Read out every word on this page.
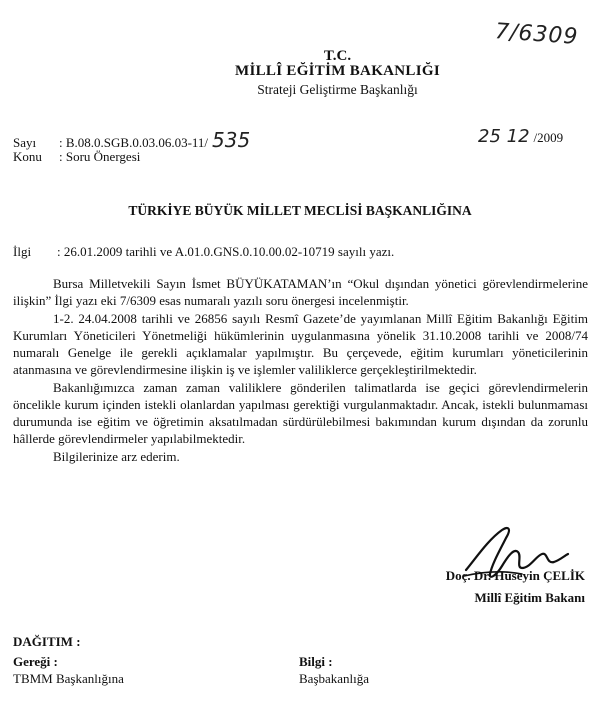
7/6309
T.C.
MİLLÎ EĞİTİM BAKANLIĞI
Strateji Geliştirme Başkanlığı
Sayı : B.08.0.SGB.0.03.06.03-11/ 535
Konu : Soru Önergesi
25 12 /2009
TÜRKİYE BÜYÜK MİLLET MECLİSİ BAŞKANLIĞINA
İlgi : 26.01.2009 tarihli ve A.01.0.GNS.0.10.00.02-10719 sayılı yazı.

Bursa Milletvekili Sayın İsmet BÜYÜKATAMAN’ın “Okul dışından yönetici görevlendirmelerine ilişkin” İlgi yazı eki 7/6309 esas numaralı yazılı soru önergesi incelenmiştir.

1-2. 24.04.2008 tarihli ve 26856 sayılı Resmî Gazete’de yayımlanan Millî Eğitim Bakanlığı Eğitim Kurumları Yöneticileri Yönetmeliği hükümlerinin uygulanmasına yönelik 31.10.2008 tarihli ve 2008/74 numaralı Genelge ile gerekli açıklamalar yapılmıştır. Bu çerçevede, eğitim kurumları yöneticilerinin atanmasına ve görevlendirmesine ilişkin iş ve işlemler valiliklerce gerçekleştirilmektedir.

Bakanlığımızca zaman zaman valiliklere gönderilen talimatlarda ise geçici görevlendirmelerin öncelikle kurum içinden istekli olanlardan yapılması gerektiği vurgulanmaktadır. Ancak, istekli bulunmaması durumunda ise eğitim ve öğretimin aksatılmadan sürdürülebilmesi bakımından kurum dışından da zorunlu hâllerde görevlendirmeler yapılabilmektedir.

Bilgilerinize arz ederim.

Doç. Dr. Hüseyin ÇELİK
Millî Eğitim Bakanı
DAĞITIM :
Gereği :
TBMM Başkanlığına
Bilgi :
Başbakanlığa
